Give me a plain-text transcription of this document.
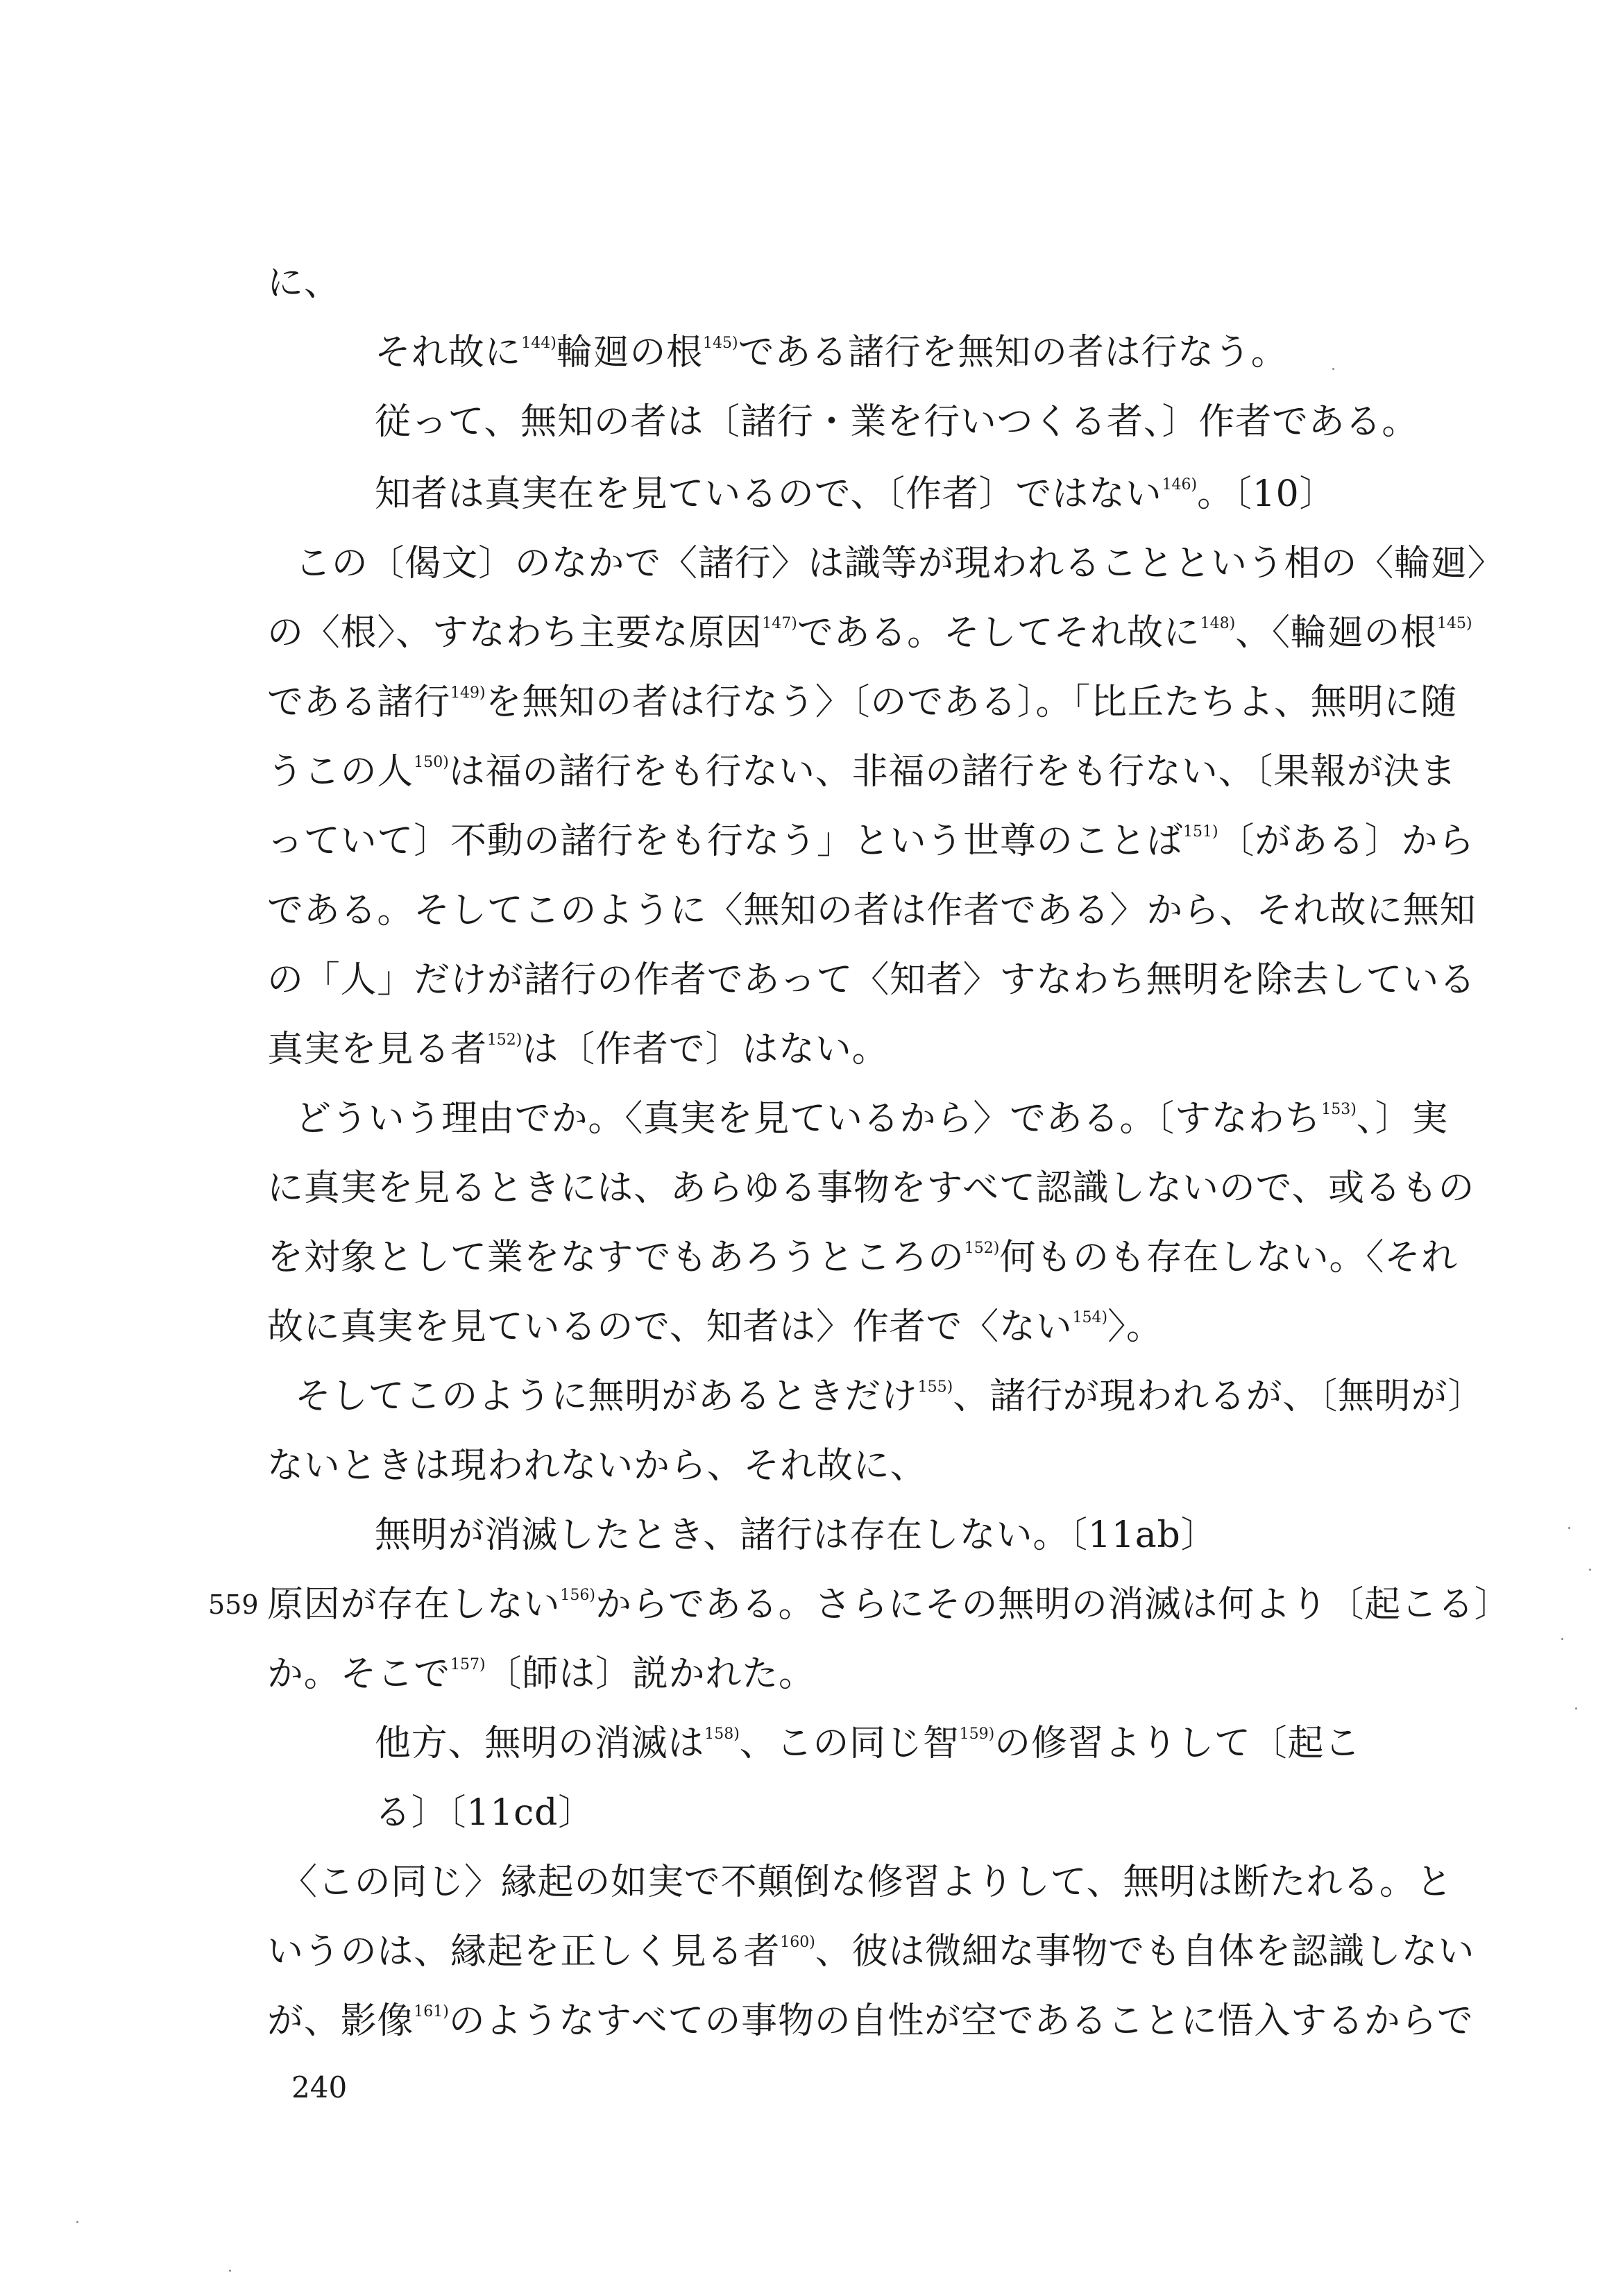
に、
それ故に$^{144)}$輪廻の根$^{145)}$である諸行を無知の者は行なう。
従って、無知の者は〔諸行・業を行いつくる者、〕作者である。
知者は真実在を見ているので、〔作者〕ではない$^{146)}$。〔10〕
この〔偈文〕のなかで〈諸行〉は識等が現われることという相の〈輪廻〉
の〈根〉、すなわち主要な原因$^{147)}$である。そしてそれ故に$^{148)}$、〈輪廻の根$^{145)}$
である諸行$^{149)}$を無知の者は行なう〉〔のである〕。「比丘たちよ、無明に随
うこの人$^{150)}$は福の諸行をも行ない、非福の諸行をも行ない、〔果報が決ま
っていて〕不動の諸行をも行なう」という世尊のことば$^{151)}$〔がある〕から
である。そしてこのように〈無知の者は作者である〉から、それ故に無知
の「人」だけが諸行の作者であって〈知者〉すなわち無明を除去している
真実を見る者$^{152)}$は〔作者で〕はない。
どういう理由でか。〈真実を見ているから〉である。〔すなわち$^{153)}$、〕実
に真実を見るときには、あらゆる事物をすべて認識しないので、或るもの
を対象として業をなすでもあろうところの$^{152)}$何ものも存在しない。〈それ
故に真実を見ているので、知者は〉作者で〈ない$^{154)}$〉。
そしてこのように無明があるときだけ$^{155)}$、諸行が現われるが、〔無明が〕
ないときは現われないから、それ故に、
無明が消滅したとき、諸行は存在しない。〔11ab〕
559 原因が存在しない$^{156)}$からである。さらにその無明の消滅は何より〔起こる〕
か。そこで$^{157)}$〔師は〕説かれた。
他方、無明の消滅は$^{158)}$、この同じ智$^{159)}$の修習よりして〔起こ
る〕〔11cd〕
〈この同じ〉縁起の如実で不顛倒な修習よりして、無明は断たれる。と
いうのは、縁起を正しく見る者$^{160)}$、彼は微細な事物でも自体を認識しない
が、影像$^{161)}$のようなすべての事物の自性が空であることに悟入するからで
240
